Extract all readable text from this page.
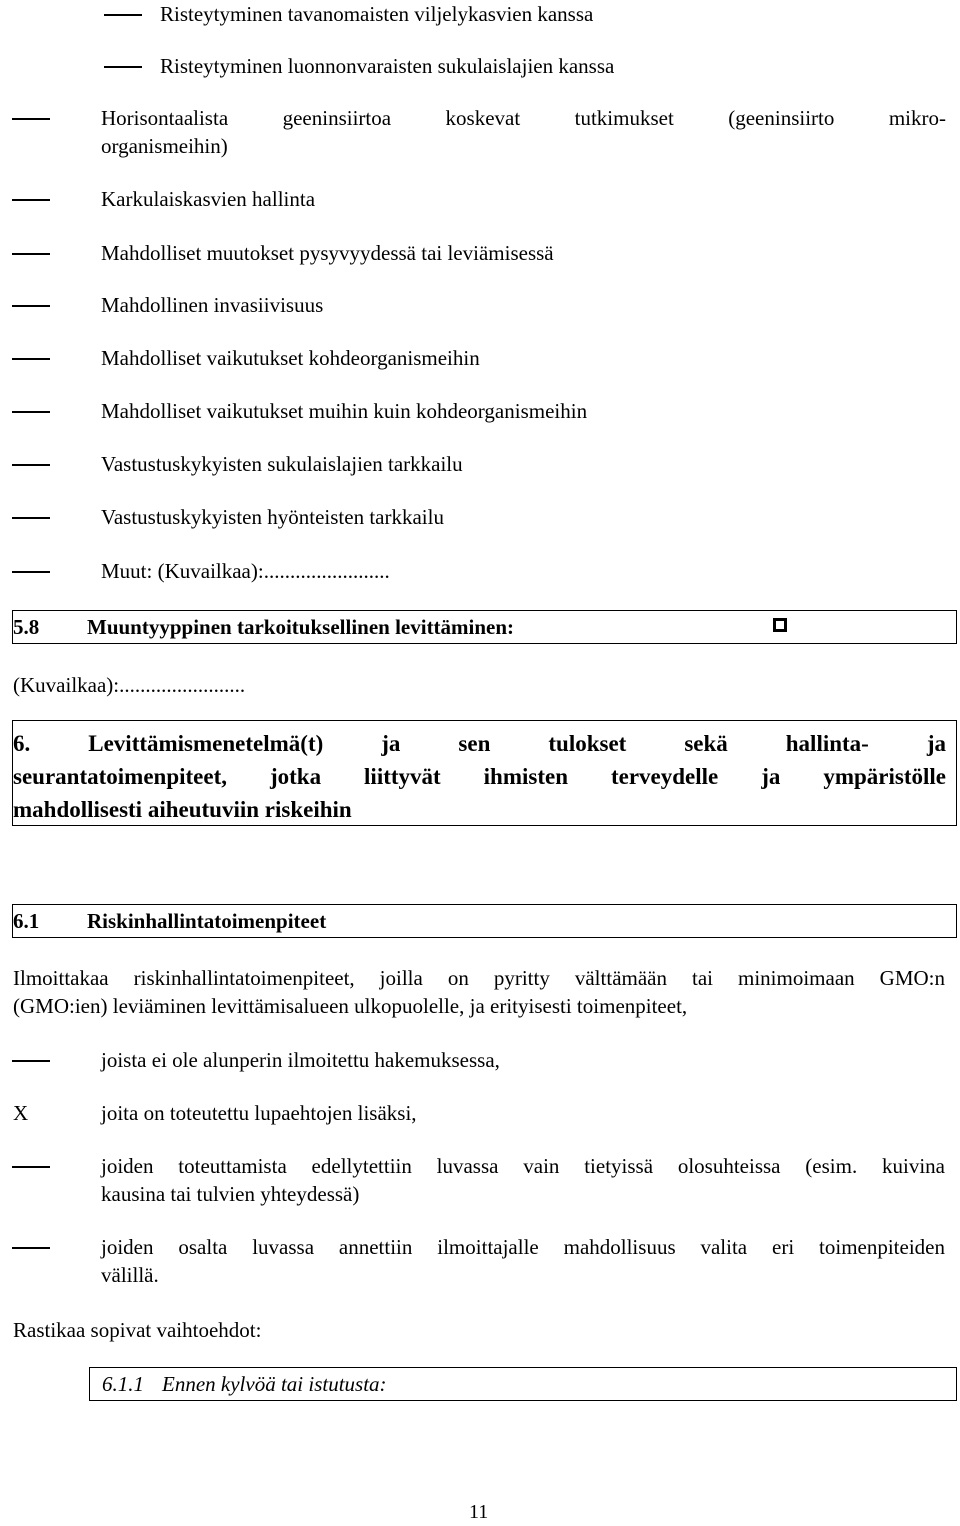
Risteytyminen tavanomaisten viljelykasvien kanssa
Risteytyminen luonnonvaraisten sukulaislajien kanssa
Horisontaalista geeninsiirtoa koskevat tutkimukset (geeninsiirto mikro-
organismeihin)
Karkulaiskasvien hallinta
Mahdolliset muutokset pysyvyydessä tai leviämisessä
Mahdollinen invasiivisuus
Mahdolliset vaikutukset kohdeorganismeihin
Mahdolliset vaikutukset muihin kuin kohdeorganismeihin
Vastustuskykyisten sukulaislajien tarkkailu
Vastustuskykyisten hyönteisten tarkkailu
Muut: (Kuvailkaa):........................
5.8 Muuntyyppinen tarkoituksellinen levittäminen:
(Kuvailkaa):........................
6.	Levittämismenetelmä(t) ja sen tulokset sekä hallinta- ja
seurantatoimenpiteet, jotka liittyvät ihmisten terveydelle ja ympäristölle
mahdollisesti aiheutuviin riskeihin
6.1 Riskinhallintatoimenpiteet
Ilmoittakaa riskinhallintatoimenpiteet, joilla on pyritty välttämään tai minimoimaan GMO:n
(GMO:ien) leviäminen levittämisalueen ulkopuolelle, ja erityisesti toimenpiteet,
joista ei ole alunperin ilmoitettu hakemuksessa,
X	joita on toteutettu lupaehtojen lisäksi,
joiden toteuttamista edellytettiin luvassa vain tietyissä olosuhteissa (esim. kuivina
kausina tai tulvien yhteydessä)
joiden osalta luvassa annettiin ilmoittajalle mahdollisuus valita eri toimenpiteiden
välillä.
Rastikaa sopivat vaihtoehdot:
6.1.1 Ennen kylvöä tai istutusta:
11
